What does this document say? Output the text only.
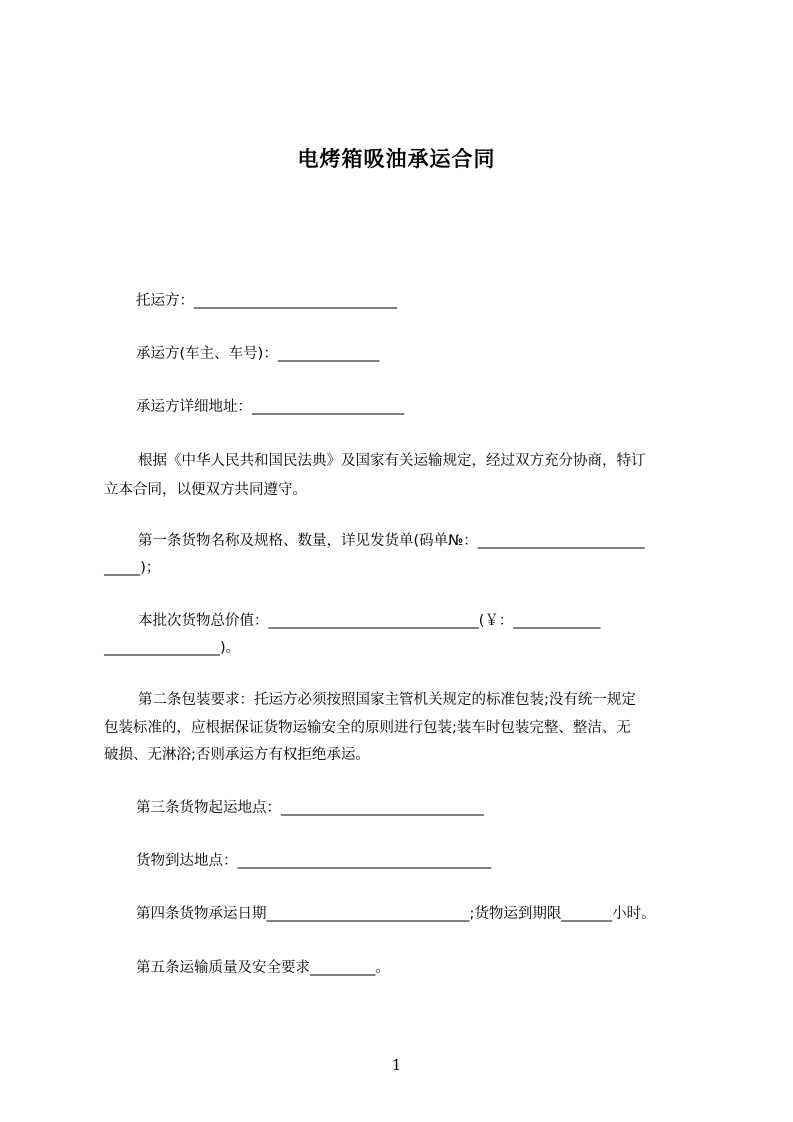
电烤箱吸油承运合同
托运方：____________________________
承运方(车主、车号)：______________
承运方详细地址：_____________________
根据《中华人民共和国民法典》及国家有关运输规定，经过双方充分协商，特订
立本合同，以便双方共同遵守。
第一条货物名称及规格、数量，详见发货单(码单№：_______________________
_____)；
本批次货物总价值：_____________________________(￥：____________
________________)。
第二条包装要求：托运方必须按照国家主管机关规定的标准包装;没有统一规定
包装标准的，应根据保证货物运输安全的原则进行包装;装车时包装完整、整洁、无
破损、无淋浴;否则承运方有权拒绝承运。
第三条货物起运地点：____________________________
货物到达地点：___________________________________
第四条货物承运日期____________________________;货物运到期限_______小时。
第五条运输质量及安全要求_________。
1
